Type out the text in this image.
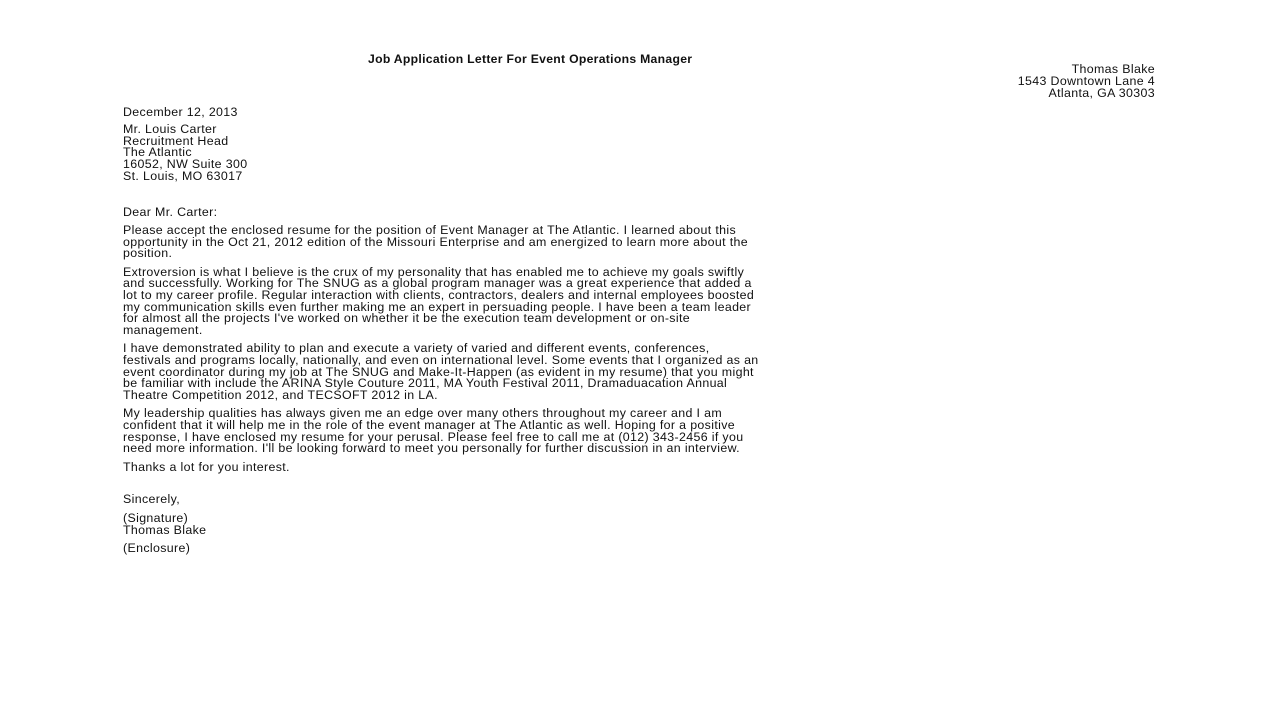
Job Application Letter For Event Operations Manager
Thomas Blake
1543 Downtown Lane 4
Atlanta, GA 30303
December 12, 2013
Mr. Louis Carter
Recruitment Head
The Atlantic
16052, NW Suite 300
St. Louis, MO 63017
Dear Mr. Carter:

Please accept the enclosed resume for the position of Event Manager at The Atlantic. I learned about this
opportunity in the Oct 21, 2012 edition of the Missouri Enterprise and am energized to learn more about the
position.

Extroversion is what I believe is the crux of my personality that has enabled me to achieve my goals swiftly
and successfully. Working for The SNUG as a global program manager was a great experience that added a
lot to my career profile. Regular interaction with clients, contractors, dealers and internal employees boosted
my communication skills even further making me an expert in persuading people. I have been a team leader
for almost all the projects I've worked on whether it be the execution team development or on-site
management.

I have demonstrated ability to plan and execute a variety of varied and different events, conferences,
festivals and programs locally, nationally, and even on international level. Some events that I organized as an
event coordinator during my job at The SNUG and Make-It-Happen (as evident in my resume) that you might
be familiar with include the ARINA Style Couture 2011, MA Youth Festival 2011, Dramaduacation Annual
Theatre Competition 2012, and TECSOFT 2012 in LA.

My leadership qualities has always given me an edge over many others throughout my career and I am
confident that it will help me in the role of the event manager at The Atlantic as well. Hoping for a positive
response, I have enclosed my resume for your perusal. Please feel free to call me at (012) 343-2456 if you
need more information. I'll be looking forward to meet you personally for further discussion in an interview.

Thanks a lot for you interest.

Sincerely,
(Signature)
Thomas Blake
(Enclosure)
